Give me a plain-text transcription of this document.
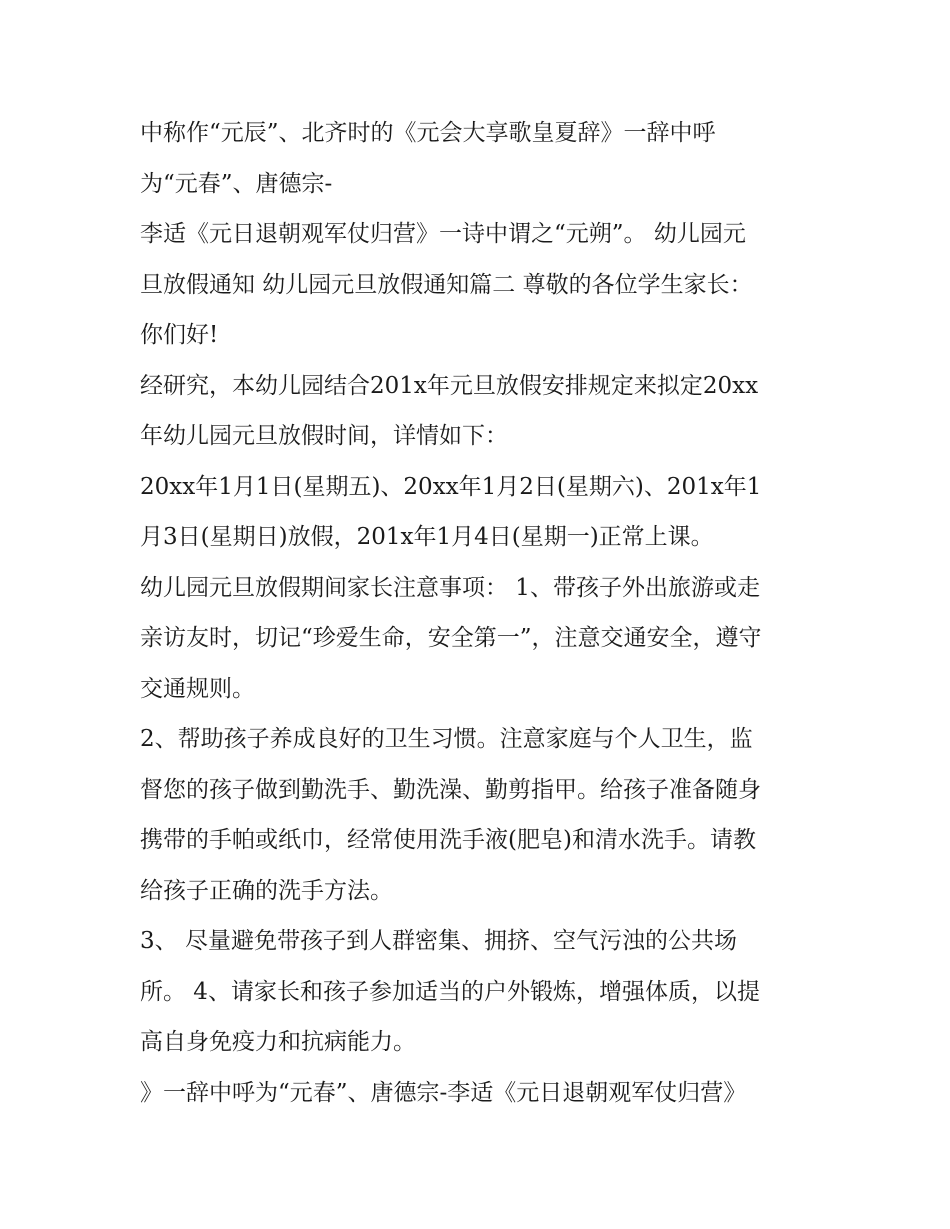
中称作“元辰”、北齐时的《元会大享歌皇夏辞》一辞中呼
为“元春”、唐德宗-
李适《元日退朝观军仗归营》一诗中谓之“元朔”。 幼儿园元
旦放假通知 幼儿园元旦放假通知篇二 尊敬的各位学生家长：
你们好!
经研究，本幼儿园结合201x年元旦放假安排规定来拟定20xx
年幼儿园元旦放假时间，详情如下：
20xx年1月1日(星期五)、20xx年1月2日(星期六)、201x年1
月3日(星期日)放假，201x年1月4日(星期一)正常上课。
幼儿园元旦放假期间家长注意事项： 1、带孩子外出旅游或走
亲访友时，切记“珍爱生命，安全第一”，注意交通安全，遵守
交通规则。
2、帮助孩子养成良好的卫生习惯。注意家庭与个人卫生，监
督您的孩子做到勤洗手、勤洗澡、勤剪指甲。给孩子准备随身
携带的手帕或纸巾，经常使用洗手液(肥皂)和清水洗手。请教
给孩子正确的洗手方法。
3、 尽量避免带孩子到人群密集、拥挤、空气污浊的公共场
所。 4、请家长和孩子参加适当的户外锻炼，增强体质，以提
高自身免疫力和抗病能力。
》一辞中呼为“元春”、唐德宗-李适《元日退朝观军仗归营》
